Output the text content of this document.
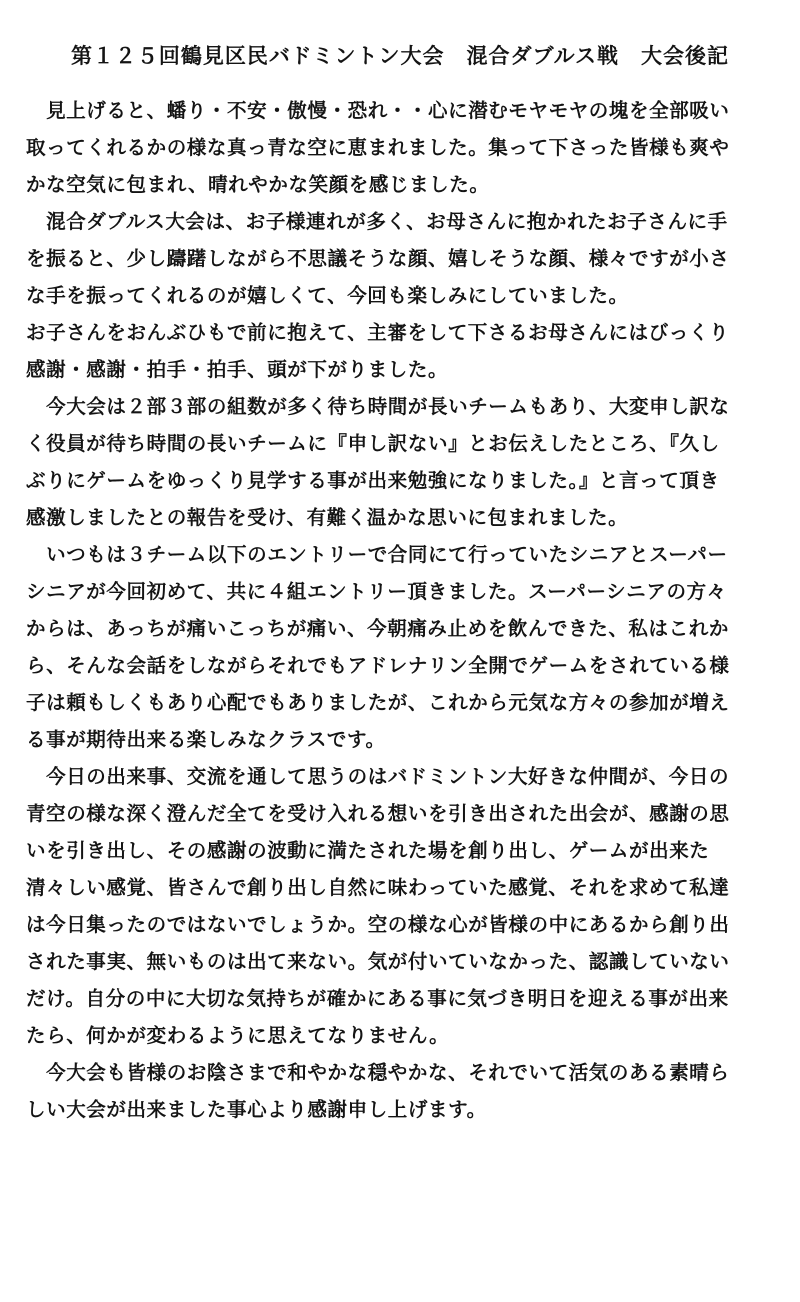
第１２５回鶴見区民バドミントン大会　混合ダブルス戦　大会後記
　見上げると、蟠り・不安・傲慢・恐れ・・心に潜むモヤモヤの塊を全部吸い
取ってくれるかの様な真っ青な空に恵まれました。集って下さった皆様も爽や
かな空気に包まれ、晴れやかな笑顔を感じました。
　混合ダブルス大会は、お子様連れが多く、お母さんに抱かれたお子さんに手
を振ると、少し躊躇しながら不思議そうな顔、嬉しそうな顔、様々ですが小さ
な手を振ってくれるのが嬉しくて、今回も楽しみにしていました。
お子さんをおんぶひもで前に抱えて、主審をして下さるお母さんにはびっくり
感謝・感謝・拍手・拍手、頭が下がりました。
　今大会は２部３部の組数が多く待ち時間が長いチームもあり、大変申し訳な
く役員が待ち時間の長いチームに『申し訳ない』とお伝えしたところ、『久し
ぶりにゲームをゆっくり見学する事が出来勉強になりました。』と言って頂き
感激しましたとの報告を受け、有難く温かな思いに包まれました。
　いつもは３チーム以下のエントリーで合同にて行っていたシニアとスーパー
シニアが今回初めて、共に４組エントリー頂きました。スーパーシニアの方々
からは、あっちが痛いこっちが痛い、今朝痛み止めを飲んできた、私はこれか
ら、そんな会話をしながらそれでもアドレナリン全開でゲームをされている様
子は頼もしくもあり心配でもありましたが、これから元気な方々の参加が増え
る事が期待出来る楽しみなクラスです。
　今日の出来事、交流を通して思うのはバドミントン大好きな仲間が、今日の
青空の様な深く澄んだ全てを受け入れる想いを引き出された出会が、感謝の思
いを引き出し、その感謝の波動に満たされた場を創り出し、ゲームが出来た
清々しい感覚、皆さんで創り出し自然に味わっていた感覚、それを求めて私達
は今日集ったのではないでしょうか。空の様な心が皆様の中にあるから創り出
された事実、無いものは出て来ない。気が付いていなかった、認識していない
だけ。自分の中に大切な気持ちが確かにある事に気づき明日を迎える事が出来
たら、何かが変わるように思えてなりません。
　今大会も皆様のお陰さまで和やかな穏やかな、それでいて活気のある素晴ら
しい大会が出来ました事心より感謝申し上げます。
